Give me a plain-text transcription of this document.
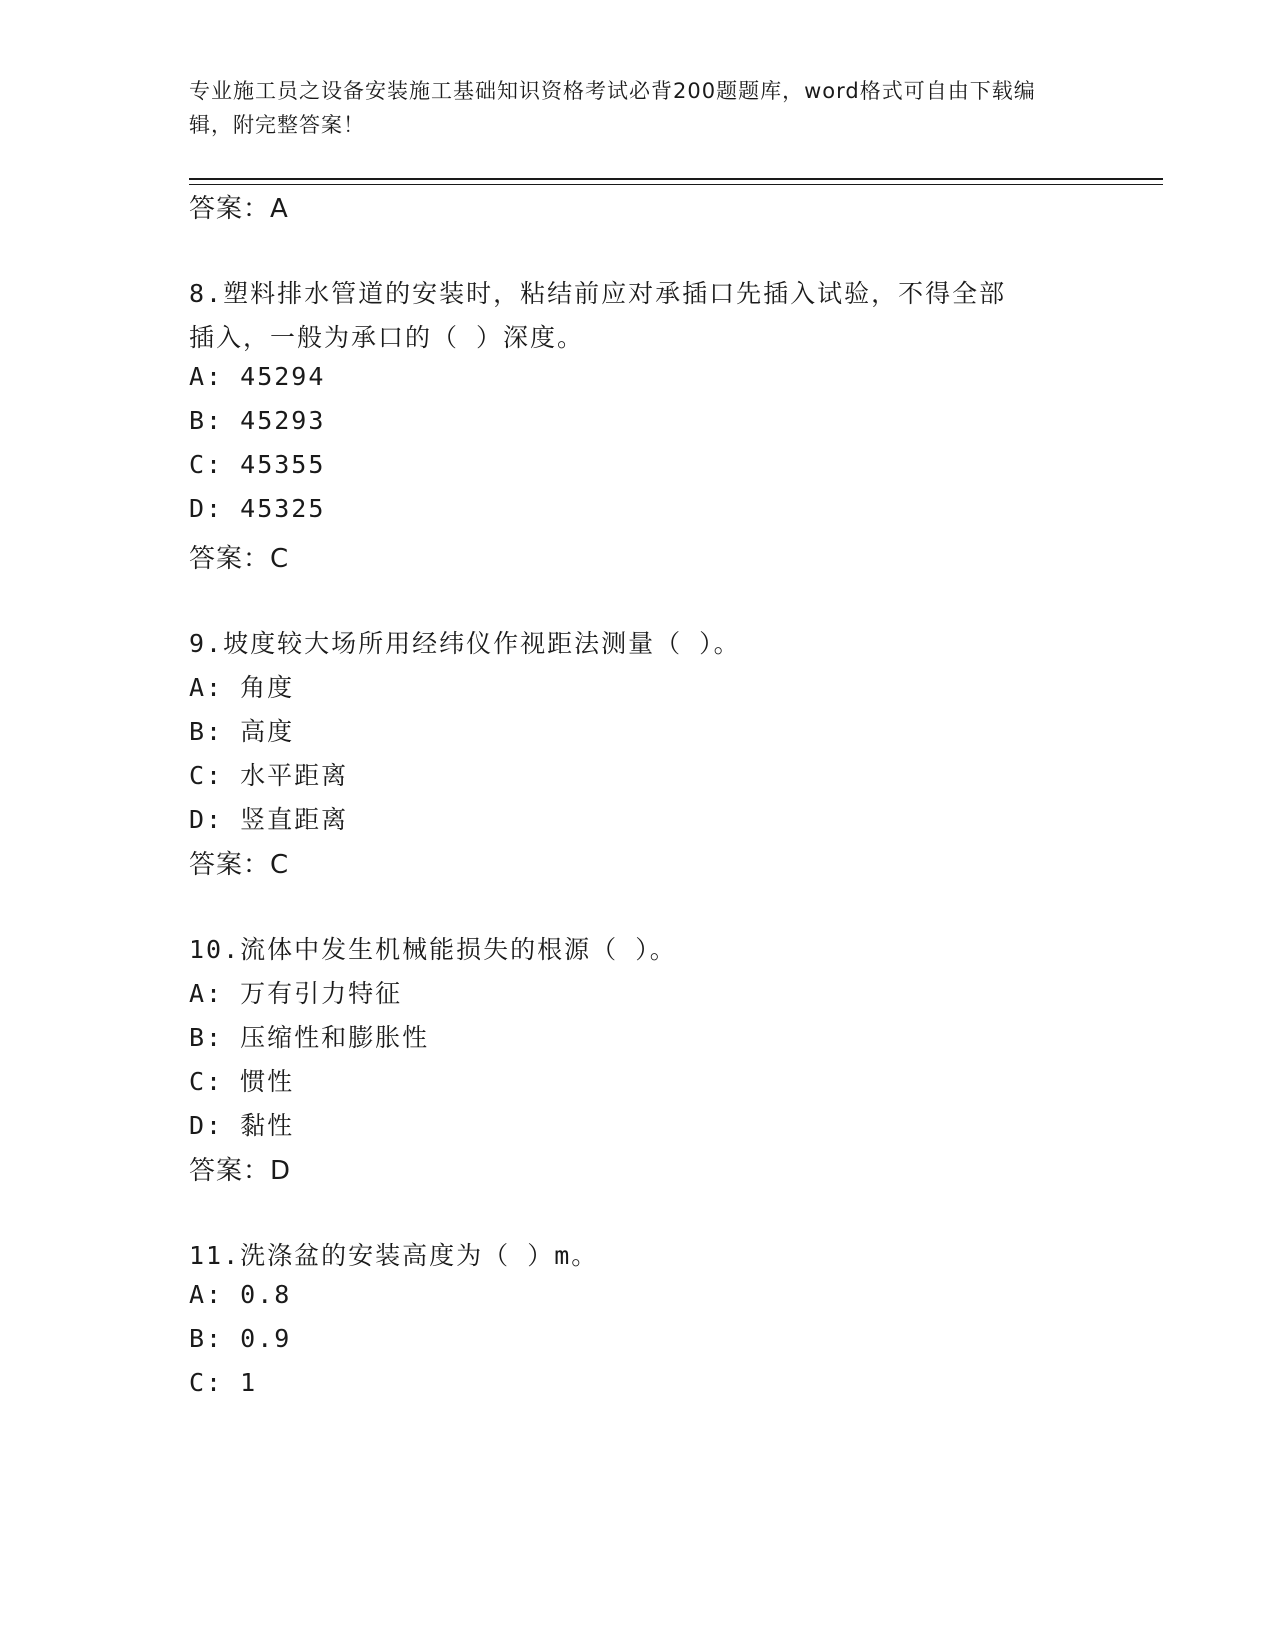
专业施工员之设备安装施工基础知识资格考试必背200题题库，word格式可自由下载编辑，附完整答案！
答案：A
8.塑料排水管道的安装时，粘结前应对承插口先插入试验，不得全部
插入，一般为承口的（ ）深度。
A: 45294
B: 45293
C: 45355
D: 45325
答案：C
9.坡度较大场所用经纬仪作视距法测量（ ）。
A: 角度
B: 高度
C: 水平距离
D: 竖直距离
答案：C
10.流体中发生机械能损失的根源（ ）。
A: 万有引力特征
B: 压缩性和膨胀性
C: 惯性
D: 黏性
答案：D
11.洗涤盆的安装高度为（ ）m。
A: 0.8
B: 0.9
C: 1
